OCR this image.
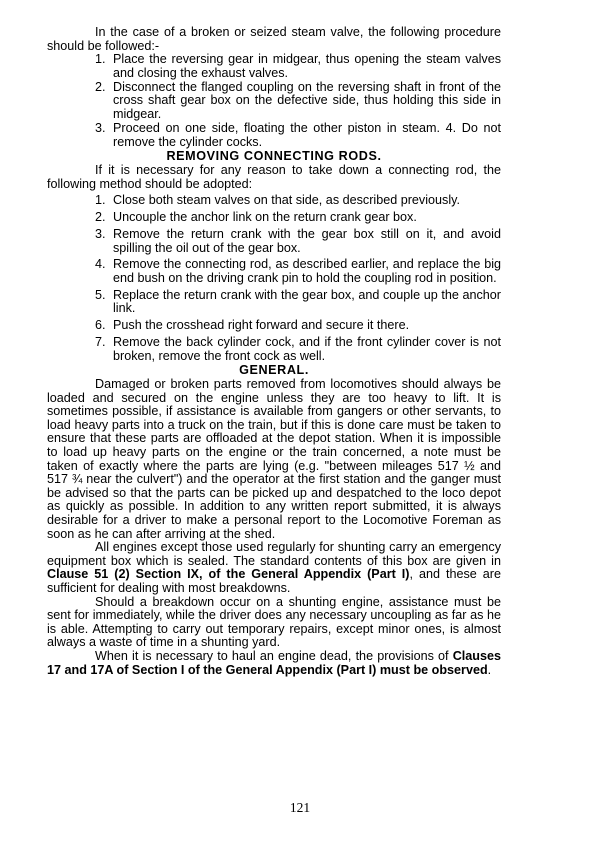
In the case of a broken or seized steam valve, the following procedure should be followed:-

1. Place the reversing gear in midgear, thus opening the steam valves and closing the exhaust valves.
2. Disconnect the flanged coupling on the reversing shaft in front of the cross shaft gear box on the defective side, thus holding this side in midgear.
3. Proceed on one side, floating the other piston in steam. 4. Do not remove the cylinder cocks.

REMOVING CONNECTING RODS.

If it is necessary for any reason to take down a connecting rod, the following method should be adopted:

1. Close both steam valves on that side, as described previously.
2. Uncouple the anchor link on the return crank gear box.
3. Remove the return crank with the gear box still on it, and avoid spilling the oil out of the gear box.
4. Remove the connecting rod, as described earlier, and replace the big end bush on the driving crank pin to hold the coupling rod in position.
5. Replace the return crank with the gear box, and couple up the anchor link.
6. Push the crosshead right forward and secure it there.
7. Remove the back cylinder cock, and if the front cylinder cover is not broken, remove the front cock as well.

GENERAL.

Damaged or broken parts removed from locomotives should always be loaded and secured on the engine unless they are too heavy to lift. It is sometimes possible, if assistance is available from gangers or other servants, to load heavy parts into a truck on the train, but if this is done care must be taken to ensure that these parts are offloaded at the depot station. When it is impossible to load up heavy parts on the engine or the train concerned, a note must be taken of exactly where the parts are lying (e.g. "between mileages 517 ½ and 517 ¾ near the culvert") and the operator at the first station and the ganger must be advised so that the parts can be picked up and despatched to the loco depot as quickly as possible. In addition to any written report submitted, it is always desirable for a driver to make a personal report to the Locomotive Foreman as soon as he can after arriving at the shed.

All engines except those used regularly for shunting carry an emergency equipment box which is sealed. The standard contents of this box are given in Clause 51 (2) Section IX, of the General Appendix (Part I), and these are sufficient for dealing with most breakdowns.

Should a breakdown occur on a shunting engine, assistance must be sent for immediately, while the driver does any necessary uncoupling as far as he is able. Attempting to carry out temporary repairs, except minor ones, is almost always a waste of time in a shunting yard.

When it is necessary to haul an engine dead, the provisions of Clauses 17 and 17A of Section I of the General Appendix (Part I) must be observed.

121
